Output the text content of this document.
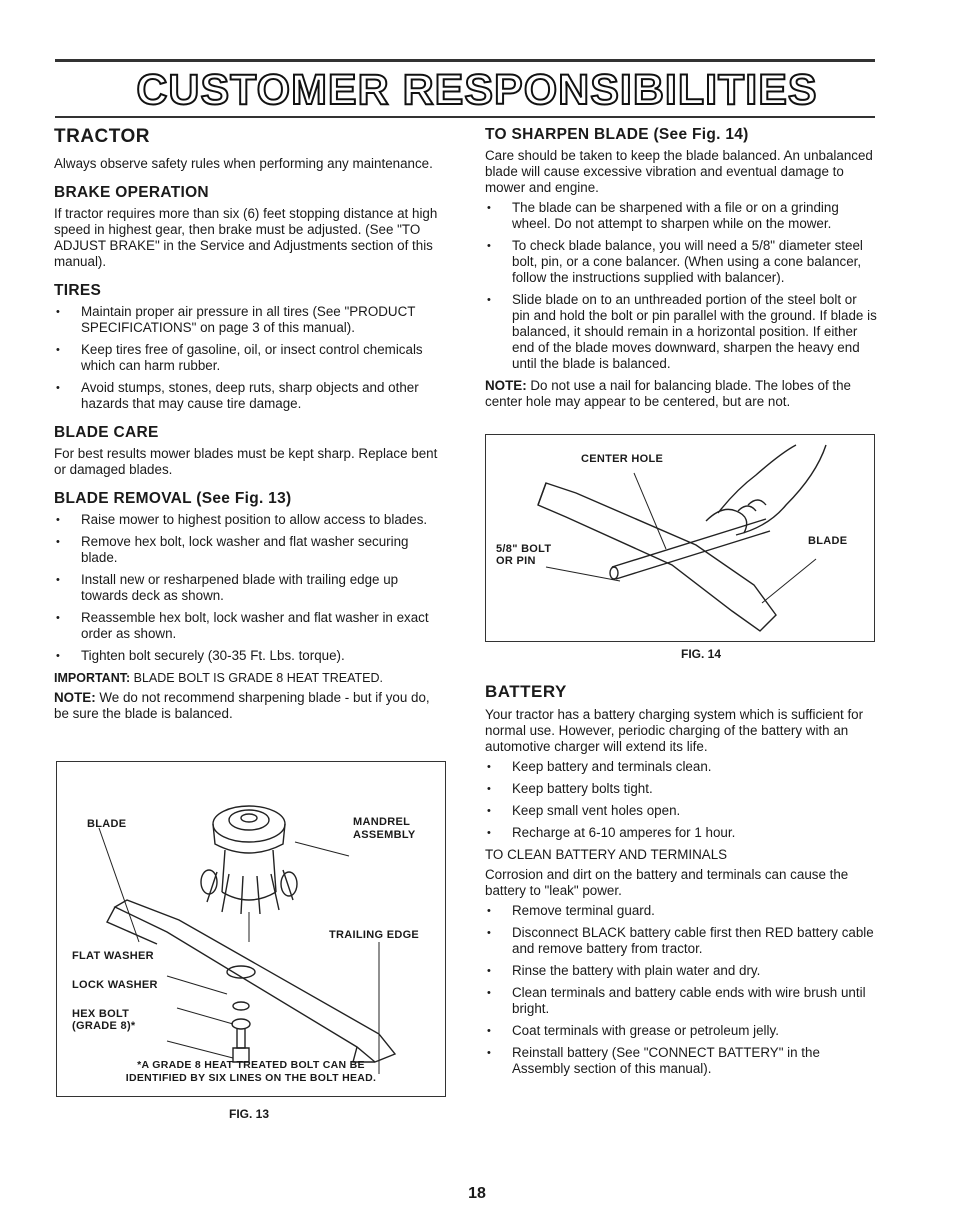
CUSTOMER RESPONSIBILITIES
TRACTOR

Always observe safety rules when performing any maintenance.

BRAKE OPERATION

If tractor requires more than six (6) feet stopping distance at high speed in highest gear, then brake must be adjusted. (See "TO ADJUST BRAKE" in the Service and Adjustments section of this manual).

TIRES
• Maintain proper air pressure in all tires (See "PRODUCT SPECIFICATIONS" on page 3 of this manual).
• Keep tires free of gasoline, oil, or insect control chemicals which can harm rubber.
• Avoid stumps, stones, deep ruts, sharp objects and other hazards that may cause tire damage.
BLADE CARE

For best results mower blades must be kept sharp. Replace bent or damaged blades.

BLADE REMOVAL (See Fig. 13)
• Raise mower to highest position to allow access to blades.
• Remove hex bolt, lock washer and flat washer securing blade.
• Install new or resharpened blade with trailing edge up towards deck as shown.
• Reassemble hex bolt, lock washer and flat washer in exact order as shown.
• Tighten bolt securely (30-35 Ft. Lbs. torque).

IMPORTANT: BLADE BOLT IS GRADE 8 HEAT TREATED.

NOTE: We do not recommend sharpening blade - but if you do, be sure the blade is balanced.

BLADE	MANDREL
ASSEMBLY
TRAILING EDGE
FLAT WASHER
LOCK WASHER
HEX BOLT
(GRADE 8)*
*A GRADE 8 HEAT TREATED BOLT CAN BE
IDENTIFIED BY SIX LINES ON THE BOLT HEAD.
FIG. 13
TO SHARPEN BLADE (See Fig. 14)

Care should be taken to keep the blade balanced. An unbalanced blade will cause excessive vibration and eventual damage to mower and engine.

• The blade can be sharpened with a file or on a grinding wheel. Do not attempt to sharpen while on the mower.
• To check blade balance, you will need a 5/8" diameter steel bolt, pin, or a cone balancer. (When using a cone balancer, follow the instructions supplied with balancer).
• Slide blade on to an unthreaded portion of the steel bolt or pin and hold the bolt or pin parallel with the ground. If blade is balanced, it should remain in a horizontal position. If either end of the blade moves downward, sharpen the heavy end until the blade is balanced.

NOTE: Do not use a nail for balancing blade. The lobes of the center hole may appear to be centered, but are not.

CENTER HOLE
5/8" BOLT
OR PIN
BLADE
FIG. 14
BATTERY

Your tractor has a battery charging system which is sufficient for normal use. However, periodic charging of the battery with an automotive charger will extend its life.

• Keep battery and terminals clean.
• Keep battery bolts tight.
• Keep small vent holes open.
• Recharge at 6-10 amperes for 1 hour.

TO CLEAN BATTERY AND TERMINALS

Corrosion and dirt on the battery and terminals can cause the battery to "leak" power.

• Remove terminal guard.
• Disconnect BLACK battery cable first then RED battery cable and remove battery from tractor.
• Rinse the battery with plain water and dry.
• Clean terminals and battery cable ends with wire brush until bright.
• Coat terminals with grease or petroleum jelly.
• Reinstall battery (See "CONNECT BATTERY" in the Assembly section of this manual).
18
